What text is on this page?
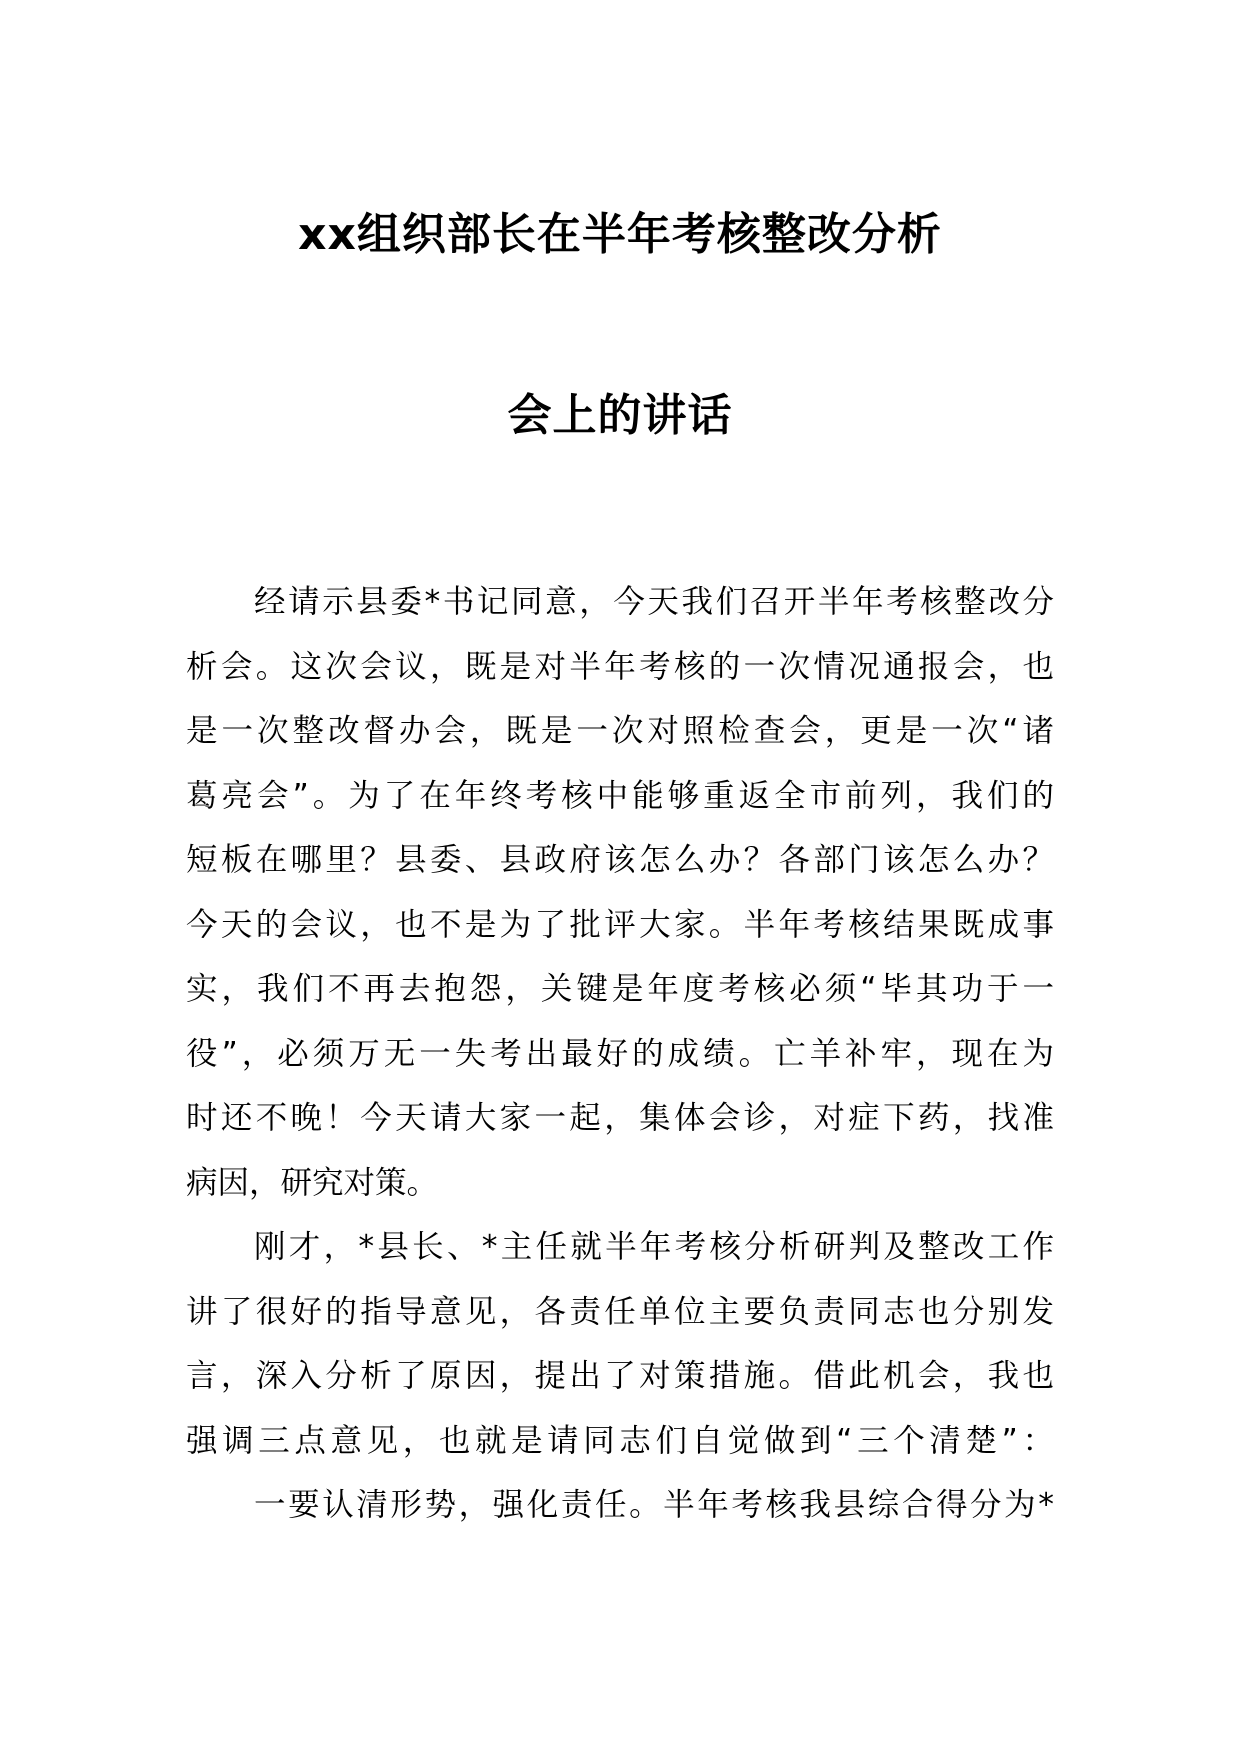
xx组织部长在半年考核整改分析
会上的讲话
经请示县委*书记同意，今天我们召开半年考核整改分
析会。这次会议，既是对半年考核的一次情况通报会，也
是一次整改督办会，既是一次对照检查会，更是一次“诸
葛亮会”。为了在年终考核中能够重返全市前列，我们的
短板在哪里？县委、县政府该怎么办？各部门该怎么办？
今天的会议，也不是为了批评大家。半年考核结果既成事
实，我们不再去抱怨，关键是年度考核必须“毕其功于一
役”，必须万无一失考出最好的成绩。亡羊补牢，现在为
时还不晚！今天请大家一起，集体会诊，对症下药，找准
病因，研究对策。
刚才，*县长、*主任就半年考核分析研判及整改工作
讲了很好的指导意见，各责任单位主要负责同志也分别发
言，深入分析了原因，提出了对策措施。借此机会，我也
强调三点意见，也就是请同志们自觉做到“三个清楚”：
一要认清形势，强化责任。半年考核我县综合得分为*
